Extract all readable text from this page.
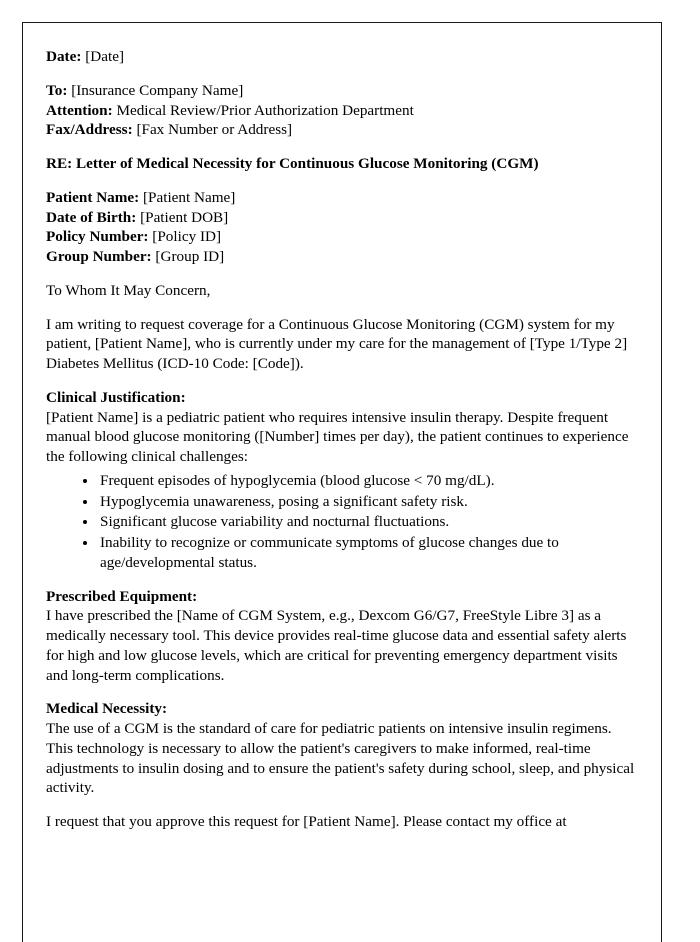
Date: [Date]

To: [Insurance Company Name]
Attention: Medical Review/Prior Authorization Department
Fax/Address: [Fax Number or Address]

RE: Letter of Medical Necessity for Continuous Glucose Monitoring (CGM)

Patient Name: [Patient Name]
Date of Birth: [Patient DOB]
Policy Number: [Policy ID]
Group Number: [Group ID]

To Whom It May Concern,

I am writing to request coverage for a Continuous Glucose Monitoring (CGM) system for my patient, [Patient Name], who is currently under my care for the management of [Type 1/Type 2] Diabetes Mellitus (ICD-10 Code: [Code]).

Clinical Justification:
[Patient Name] is a pediatric patient who requires intensive insulin therapy. Despite frequent manual blood glucose monitoring ([Number] times per day), the patient continues to experience the following clinical challenges:

• Frequent episodes of hypoglycemia (blood glucose < 70 mg/dL).
• Hypoglycemia unawareness, posing a significant safety risk.
• Significant glucose variability and nocturnal fluctuations.
• Inability to recognize or communicate symptoms of glucose changes due to age/developmental status.

Prescribed Equipment:
I have prescribed the [Name of CGM System, e.g., Dexcom G6/G7, FreeStyle Libre 3] as a medically necessary tool. This device provides real-time glucose data and essential safety alerts for high and low glucose levels, which are critical for preventing emergency department visits and long-term complications.

Medical Necessity:
The use of a CGM is the standard of care for pediatric patients on intensive insulin regimens. This technology is necessary to allow the patient's caregivers to make informed, real-time adjustments to insulin dosing and to ensure the patient's safety during school, sleep, and physical activity.

I request that you approve this request for [Patient Name]. Please contact my office at
